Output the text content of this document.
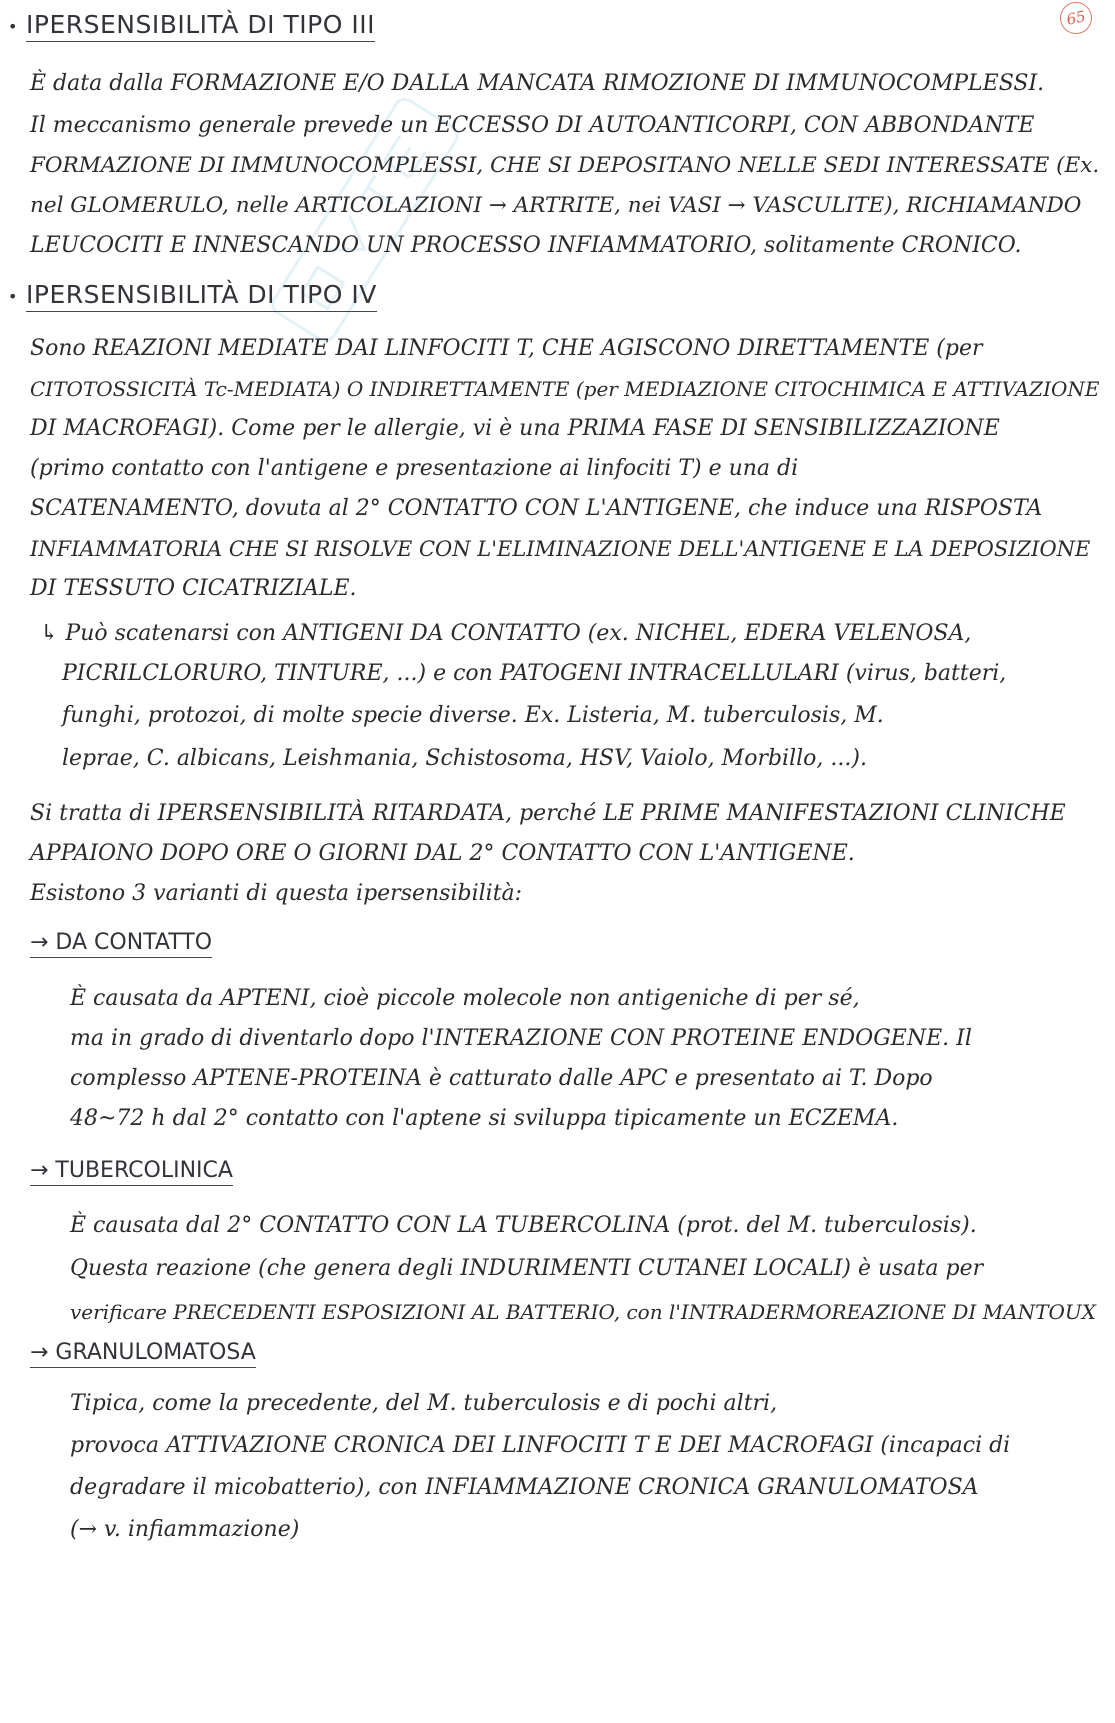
65
• IPERSENSIBILITÀ DI TIPO III
È data dalla FORMAZIONE E/O DALLA MANCATA RIMOZIONE DI IMMUNOCOMPLESSI.
Il meccanismo generale prevede un ECCESSO DI AUTOANTICORPI, CON ABBONDANTE
FORMAZIONE DI IMMUNOCOMPLESSI, CHE SI DEPOSITANO NELLE SEDI INTERESSATE (Ex.
nel GLOMERULO, nelle ARTICOLAZIONI → ARTRITE, nei VASI → VASCULITE), RICHIAMANDO
LEUCOCITI E INNESCANDO UN PROCESSO INFIAMMATORIO, solitamente CRONICO.
• IPERSENSIBILITÀ DI TIPO IV
Sono REAZIONI MEDIATE DAI LINFOCITI T, CHE AGISCONO DIRETTAMENTE (per
CITOTOSSICITÀ Tc-MEDIATA) O INDIRETTAMENTE (per MEDIAZIONE CITOCHIMICA E ATTIVAZIONE
DI MACROFAGI). Come per le allergie, vi è una PRIMA FASE DI SENSIBILIZZAZIONE
(primo contatto con l'antigene e presentazione ai linfociti T) e una di
SCATENAMENTO, dovuta al 2° CONTATTO CON L'ANTIGENE, che induce una RISPOSTA
INFIAMMATORIA CHE SI RISOLVE CON L'ELIMINAZIONE DELL'ANTIGENE E LA DEPOSIZIONE
DI TESSUTO CICATRIZIALE.
↳ Può scatenarsi con ANTIGENI DA CONTATTO (ex. NICHEL, EDERA VELENOSA,
PICRILCLORURO, TINTURE, ...) e con PATOGENI INTRACELLULARI (virus, batteri,
funghi, protozoi, di molte specie diverse. Ex. Listeria, M. tuberculosis, M.
leprae, C. albicans, Leishmania, Schistosoma, HSV, Vaiolo, Morbillo, ...).
Si tratta di IPERSENSIBILITÀ RITARDATA, perché LE PRIME MANIFESTAZIONI CLINICHE
APPAIONO DOPO ORE O GIORNI DAL 2° CONTATTO CON L'ANTIGENE.
Esistono 3 varianti di questa ipersensibilità:
→ DA CONTATTO
È causata da APTENI, cioè piccole molecole non antigeniche di per sé,
ma in grado di diventarlo dopo l'INTERAZIONE CON PROTEINE ENDOGENE. Il
complesso APTENE-PROTEINA è catturato dalle APC e presentato ai T. Dopo
48~72 h dal 2° contatto con l'aptene si sviluppa tipicamente un ECZEMA.
→ TUBERCOLINICA
È causata dal 2° CONTATTO CON LA TUBERCOLINA (prot. del M. tuberculosis).
Questa reazione (che genera degli INDURIMENTI CUTANEI LOCALI) è usata per
verificare PRECEDENTI ESPOSIZIONI AL BATTERIO, con l'INTRADERMOREAZIONE DI MANTOUX
→ GRANULOMATOSA
Tipica, come la precedente, del M. tuberculosis e di pochi altri,
provoca ATTIVAZIONE CRONICA DEI LINFOCITI T E DEI MACROFAGI (incapaci di
degradare il micobatterio), con INFIAMMAZIONE CRONICA GRANULOMATOSA
(→ v. infiammazione)
